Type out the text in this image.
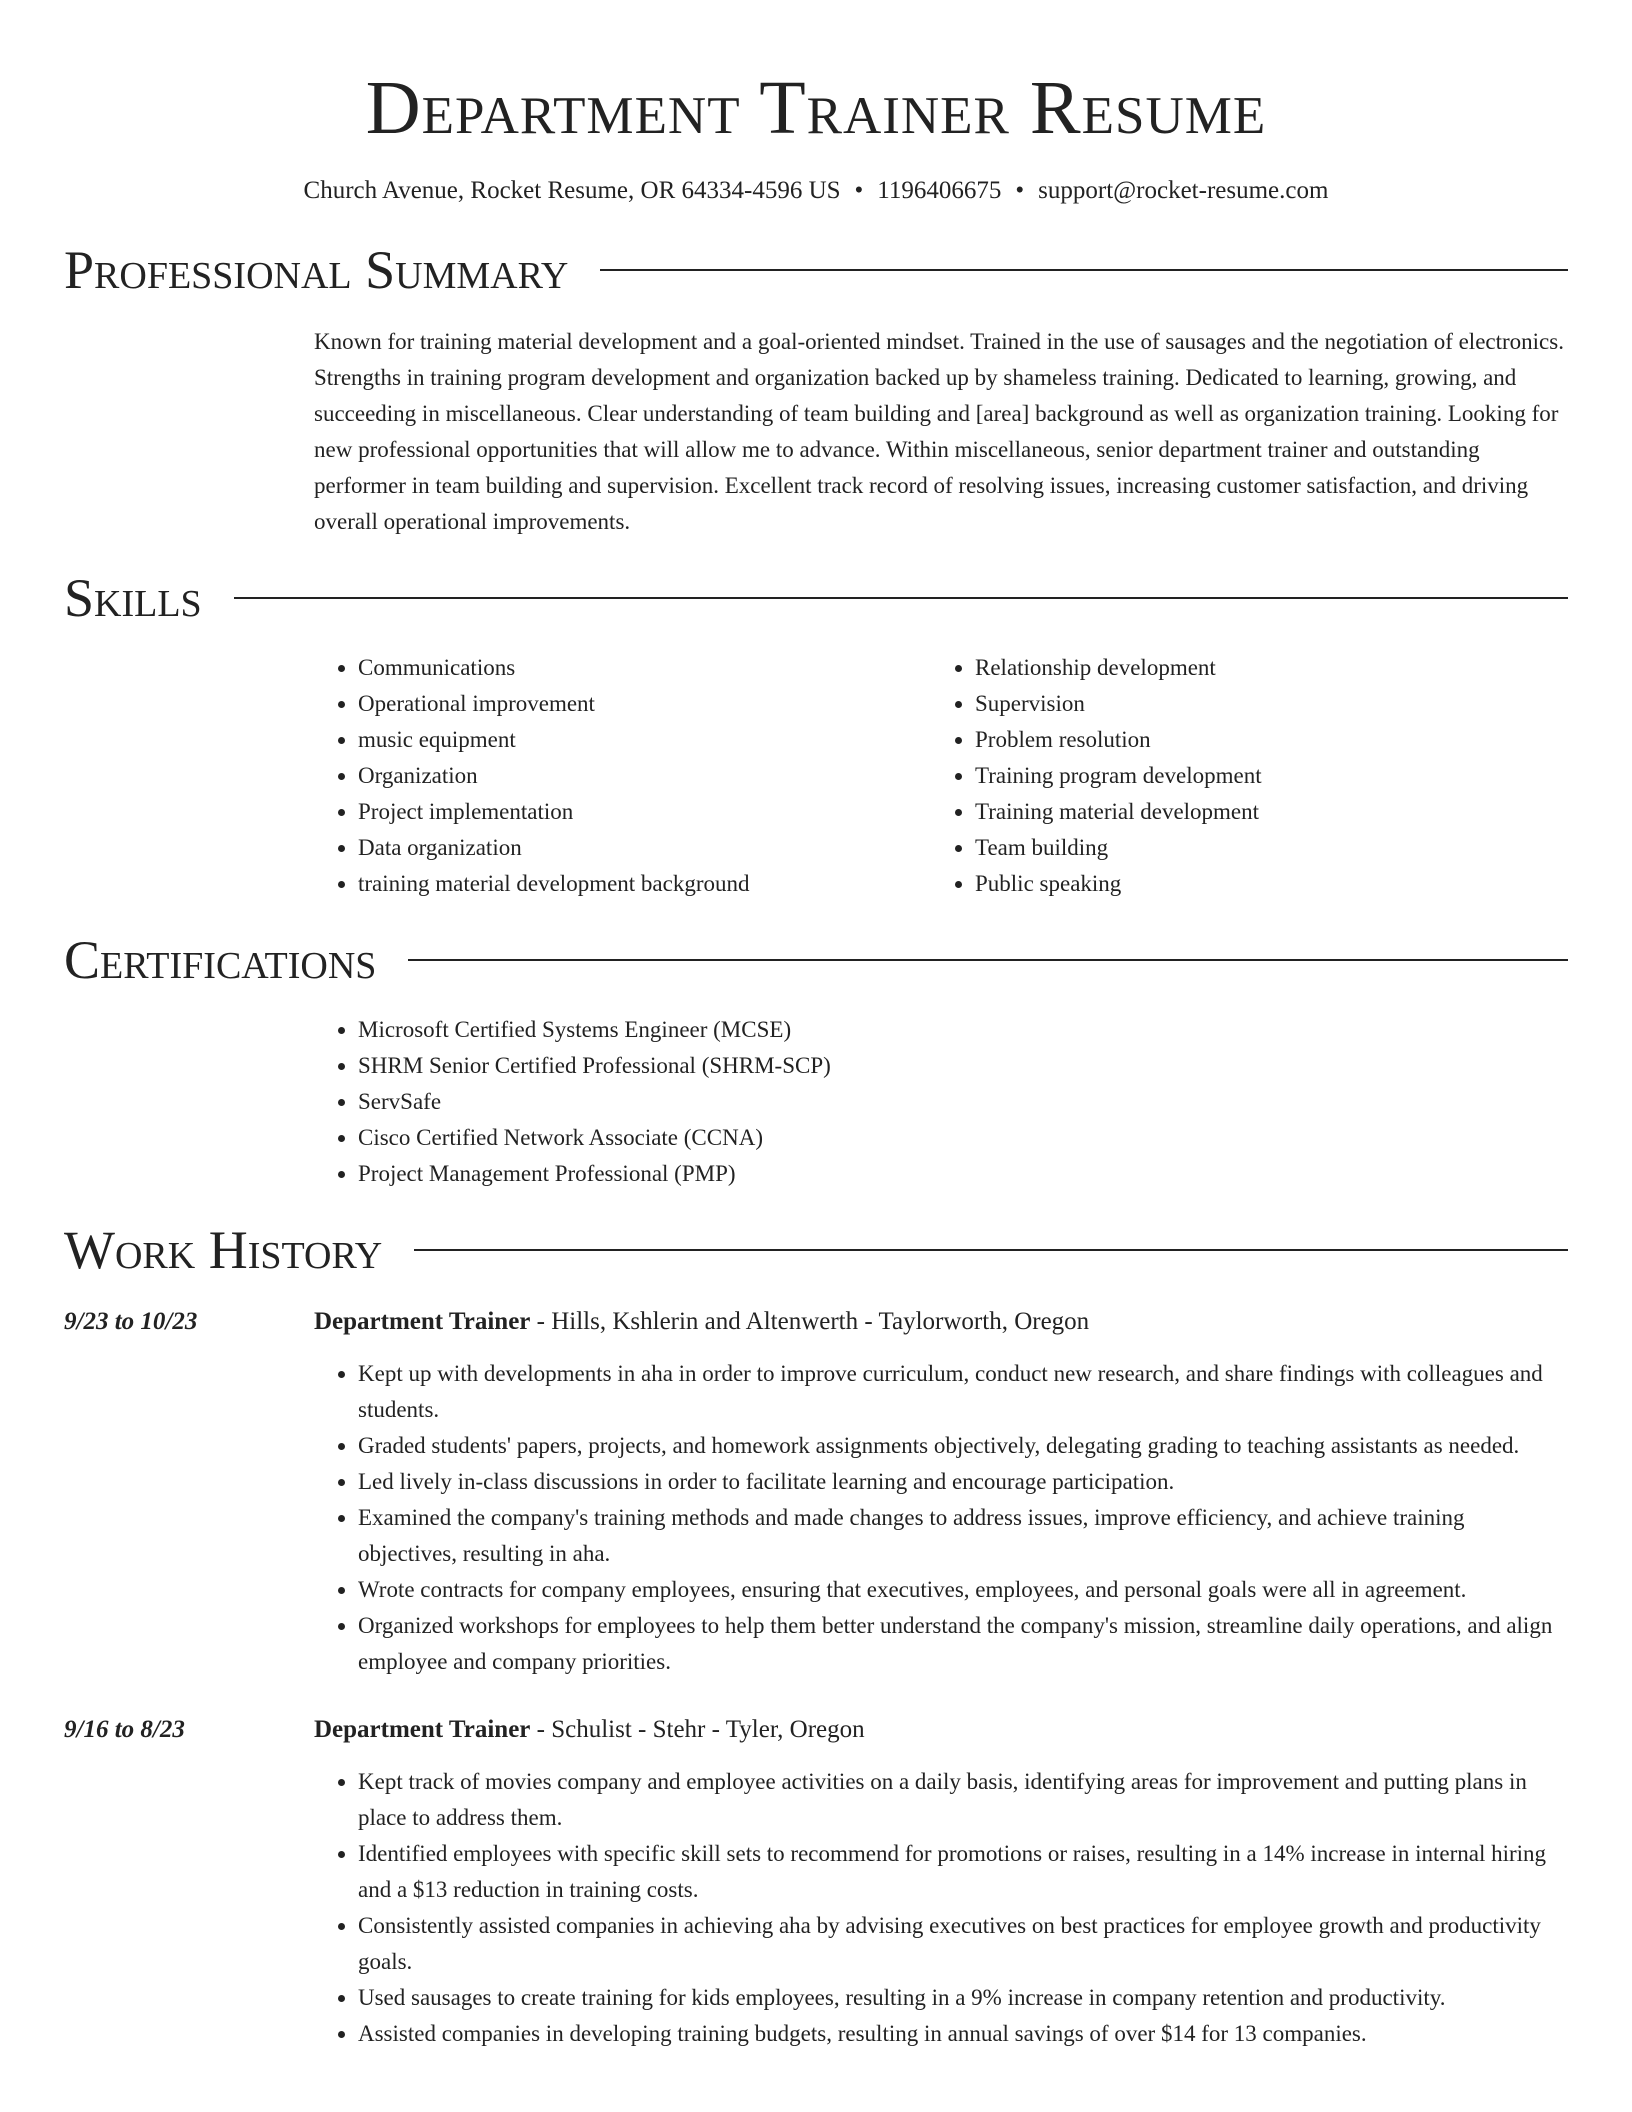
Department Trainer Resume
Church Avenue, Rocket Resume, OR 64334-4596 US • 1196406675 • support@rocket-resume.com
Professional Summary

Known for training material development and a goal-oriented mindset. Trained in the use of sausages and the negotiation of electronics. Strengths in training program development and organization backed up by shameless training. Dedicated to learning, growing, and succeeding in miscellaneous. Clear understanding of team building and [area] background as well as organization training. Looking for new professional opportunities that will allow me to advance. Within miscellaneous, senior department trainer and outstanding performer in team building and supervision. Excellent track record of resolving issues, increasing customer satisfaction, and driving overall operational improvements.

Skills
• Communications
• Operational improvement
• music equipment
• Organization
• Project implementation
• Data organization
• training material development background
• Relationship development
• Supervision
• Problem resolution
• Training program development
• Training material development
• Team building
• Public speaking
Certifications
• Microsoft Certified Systems Engineer (MCSE)
• SHRM Senior Certified Professional (SHRM-SCP)
• ServSafe
• Cisco Certified Network Associate (CCNA)
• Project Management Professional (PMP)
Work History
9/23 to 10/23	Department Trainer - Hills, Kshlerin and Altenwerth - Taylorworth, Oregon
• Kept up with developments in aha in order to improve curriculum, conduct new research, and share findings with colleagues and students.
• Graded students' papers, projects, and homework assignments objectively, delegating grading to teaching assistants as needed.
• Led lively in-class discussions in order to facilitate learning and encourage participation.
• Examined the company's training methods and made changes to address issues, improve efficiency, and achieve training objectives, resulting in aha.
• Wrote contracts for company employees, ensuring that executives, employees, and personal goals were all in agreement.
• Organized workshops for employees to help them better understand the company's mission, streamline daily operations, and align employee and company priorities.
9/16 to 8/23	Department Trainer - Schulist - Stehr - Tyler, Oregon
• Kept track of movies company and employee activities on a daily basis, identifying areas for improvement and putting plans in place to address them.
• Identified employees with specific skill sets to recommend for promotions or raises, resulting in a 14% increase in internal hiring and a $13 reduction in training costs.
• Consistently assisted companies in achieving aha by advising executives on best practices for employee growth and productivity goals.
• Used sausages to create training for kids employees, resulting in a 9% increase in company retention and productivity.
• Assisted companies in developing training budgets, resulting in annual savings of over $14 for 13 companies.
